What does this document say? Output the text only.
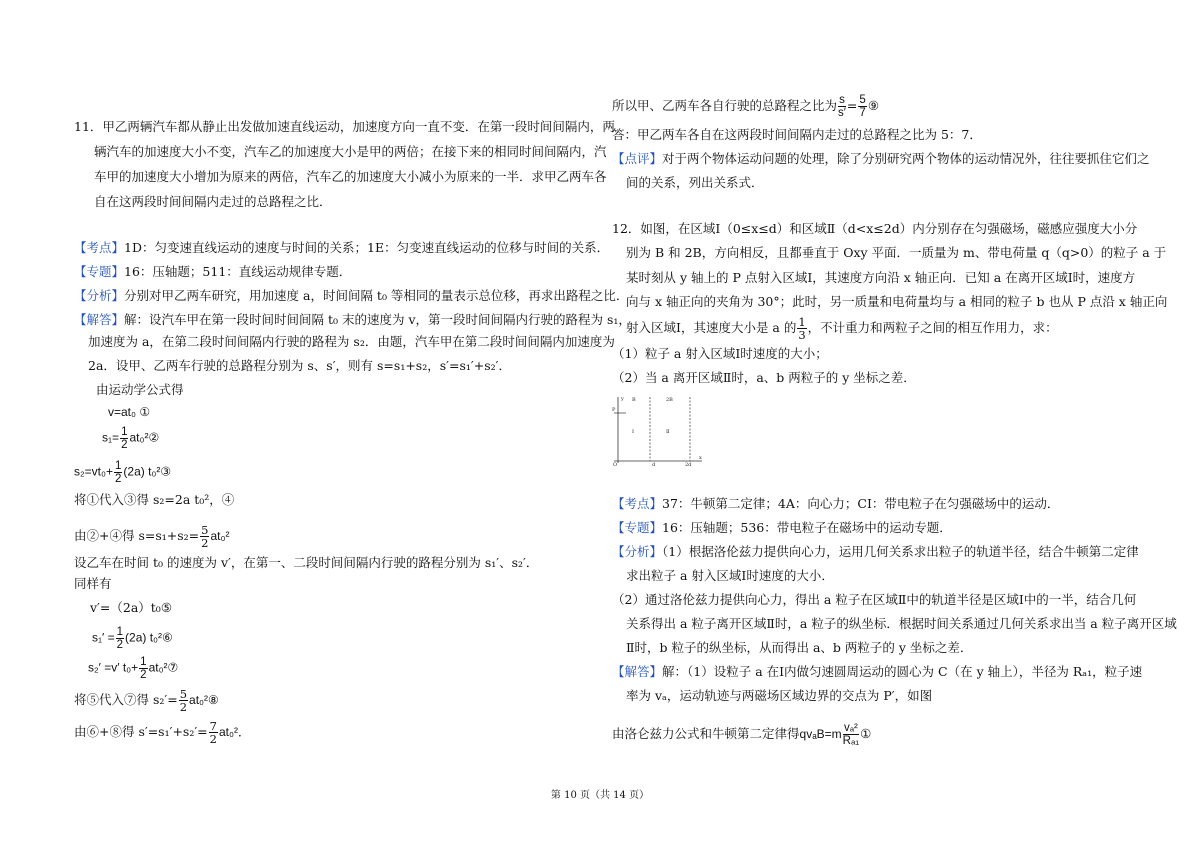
11．甲乙两辆汽车都从静止出发做加速直线运动，加速度方向一直不变．在第一段时间间隔内，两
辆汽车的加速度大小不变，汽车乙的加速度大小是甲的两倍；在接下来的相同时间间隔内，汽
车甲的加速度大小增加为原来的两倍，汽车乙的加速度大小减小为原来的一半．求甲乙两车各
自在这两段时间间隔内走过的总路程之比．
【考点】1D：匀变速直线运动的速度与时间的关系；1E：匀变速直线运动的位移与时间的关系．
【专题】16：压轴题；511：直线运动规律专题．
【分析】分别对甲乙两车研究，用加速度 a，时间间隔 t₀ 等相同的量表示总位移，再求出路程之比．
【解答】解：设汽车甲在第一段时间时间间隔 t₀ 末的速度为 v，第一段时间间隔内行驶的路程为 s₁，
加速度为 a，在第二段时间间隔内行驶的路程为 s₂．由题，汽车甲在第二段时间间隔内加速度为
2a．设甲、乙两车行驶的总路程分别为 s、s′，则有 s=s₁+s₂，s′=s₁′+s₂′．
由运动学公式得
v=at₀ ①
$s_1= \frac{1}{2}$ at₀²②
$s_2=vt_0+ \frac{1}{2} (2a)$ t₀²③
将①代入③得 s₂=2a t₀²，④
由②+④得 $s=s_1+s_2= \frac{5}{2} at_0^2$
设乙车在时间 t₀ 的速度为 v′，在第一、二段时间间隔内行驶的路程分别为 s₁′、s₂′．
同样有
v′=（2a）t₀⑤
$s_1' = \frac{1}{2} (2a)$ t₀²⑥
s₂′ =v′ $t_0+ \frac{1}{2}$ at₀²⑦
将⑤代入⑦得 $s_2'= \frac{5}{2}$ at₀²⑧
由⑥+⑧得 $s'=s_1'+s_2'= \frac{7}{2} at_0^2$．
所以甲、乙两车各自行驶的总路程之比为 $\frac{s}{s'} = \frac{5}{7}$ ⑨
答：甲乙两车各自在这两段时间间隔内走过的总路程之比为 5：7．
【点评】对于两个物体运动问题的处理，除了分别研究两个物体的运动情况外，往往要抓住它们之
间的关系，列出关系式．
12．如图，在区域Ⅰ（0≤x≤d）和区域Ⅱ（d<x≤2d）内分别存在匀强磁场，磁感应强度大小分
别为 B 和 2B，方向相反，且都垂直于 Oxy 平面．一质量为 m、带电荷量 q（q>0）的粒子 a 于
某时刻从 y 轴上的 P 点射入区域Ⅰ，其速度方向沿 x 轴正向．已知 a 在离开区域Ⅰ时，速度方
向与 x 轴正向的夹角为 30°；此时，另一质量和电荷量均与 a 相同的粒子 b 也从 P 点沿 x 轴正向
射入区域Ⅰ，其速度大小是 a 的 $\frac{1}{3}$ ，不计重力和两粒子之间的相互作用力，求：
（1）粒子 a 射入区域Ⅰ时速度的大小；
（2）当 a 离开区域Ⅱ时，a、b 两粒子的 y 坐标之差．
【考点】37：牛顿第二定律；4A：向心力；CI：带电粒子在匀强磁场中的运动．
【专题】16：压轴题；536：带电粒子在磁场中的运动专题．
【分析】（1）根据洛伦兹力提供向心力，运用几何关系求出粒子的轨道半径，结合牛顿第二定律
求出粒子 a 射入区域Ⅰ时速度的大小．
（2）通过洛伦兹力提供向心力，得出 a 粒子在区域Ⅱ中的轨道半径是区域Ⅰ中的一半，结合几何
关系得出 a 粒子离开区域Ⅱ时，a 粒子的纵坐标．根据时间关系通过几何关系求出当 a 粒子离开区域
Ⅱ时，b 粒子的纵坐标，从而得出 a、b 两粒子的 y 坐标之差．
【解答】解：（1）设粒子 a 在Ⅰ内做匀速圆周运动的圆心为 C（在 y 轴上），半径为 Rₐ₁，粒子速
率为 vₐ，运动轨迹与两磁场区域边界的交点为 P′，如图
由洛仑兹力公式和牛顿第二定律得$qv_aB=m \frac{\text{vₐ²}}{\text{Rₐ₁}}$ ①
y
P
B	2B
Ⅰ	Ⅱ
O	d	2d
x
第 10 页（共 14 页）
